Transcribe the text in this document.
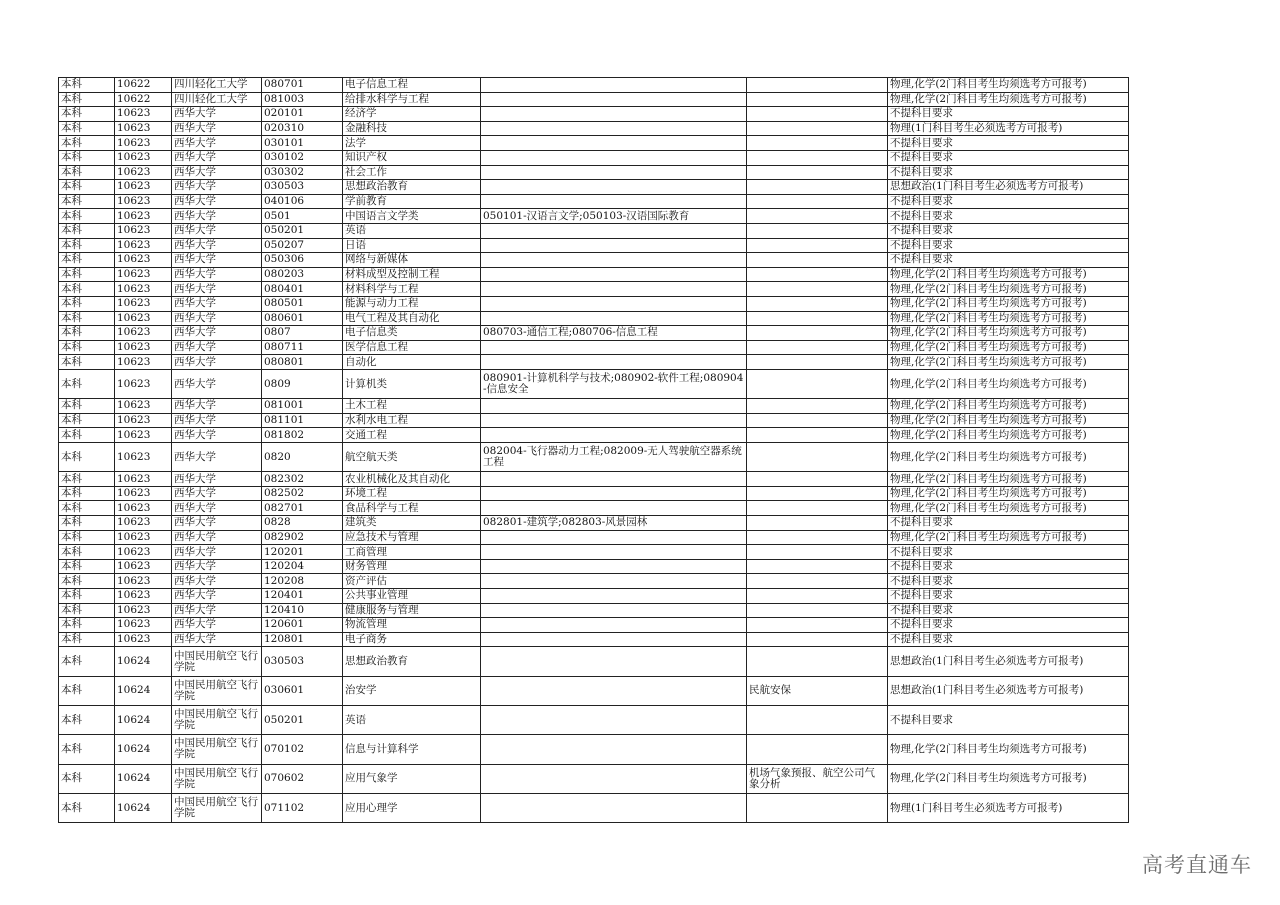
本科	10622	四川轻化工大学	080701	电子信息工程			物理,化学(2门科目考生均须选考方可报考)
本科	10622	四川轻化工大学	081003	给排水科学与工程			物理,化学(2门科目考生均须选考方可报考)
本科	10623	西华大学	020101	经济学			不提科目要求
本科	10623	西华大学	020310	金融科技			物理(1门科目考生必须选考方可报考)
本科	10623	西华大学	030101	法学			不提科目要求
本科	10623	西华大学	030102	知识产权			不提科目要求
本科	10623	西华大学	030302	社会工作			不提科目要求
本科	10623	西华大学	030503	思想政治教育			思想政治(1门科目考生必须选考方可报考)
本科	10623	西华大学	040106	学前教育			不提科目要求
本科	10623	西华大学	0501	中国语言文学类	050101-汉语言文学;050103-汉语国际教育		不提科目要求
本科	10623	西华大学	050201	英语			不提科目要求
本科	10623	西华大学	050207	日语			不提科目要求
本科	10623	西华大学	050306	网络与新媒体			不提科目要求
本科	10623	西华大学	080203	材料成型及控制工程			物理,化学(2门科目考生均须选考方可报考)
本科	10623	西华大学	080401	材料科学与工程			物理,化学(2门科目考生均须选考方可报考)
本科	10623	西华大学	080501	能源与动力工程			物理,化学(2门科目考生均须选考方可报考)
本科	10623	西华大学	080601	电气工程及其自动化			物理,化学(2门科目考生均须选考方可报考)
本科	10623	西华大学	0807	电子信息类	080703-通信工程;080706-信息工程		物理,化学(2门科目考生均须选考方可报考)
本科	10623	西华大学	080711	医学信息工程			物理,化学(2门科目考生均须选考方可报考)
本科	10623	西华大学	080801	自动化			物理,化学(2门科目考生均须选考方可报考)
本科	10623	西华大学	0809	计算机类	080901-计算机科学与技术;080902-软件工程;080904-信息安全		物理,化学(2门科目考生均须选考方可报考)
本科	10623	西华大学	081001	土木工程			物理,化学(2门科目考生均须选考方可报考)
本科	10623	西华大学	081101	水利水电工程			物理,化学(2门科目考生均须选考方可报考)
本科	10623	西华大学	081802	交通工程			物理,化学(2门科目考生均须选考方可报考)
本科	10623	西华大学	0820	航空航天类	082004-飞行器动力工程;082009-无人驾驶航空器系统工程		物理,化学(2门科目考生均须选考方可报考)
本科	10623	西华大学	082302	农业机械化及其自动化			物理,化学(2门科目考生均须选考方可报考)
本科	10623	西华大学	082502	环境工程			物理,化学(2门科目考生均须选考方可报考)
本科	10623	西华大学	082701	食品科学与工程			物理,化学(2门科目考生均须选考方可报考)
本科	10623	西华大学	0828	建筑类	082801-建筑学;082803-风景园林		不提科目要求
本科	10623	西华大学	082902	应急技术与管理			物理,化学(2门科目考生均须选考方可报考)
本科	10623	西华大学	120201	工商管理			不提科目要求
本科	10623	西华大学	120204	财务管理			不提科目要求
本科	10623	西华大学	120208	资产评估			不提科目要求
本科	10623	西华大学	120401	公共事业管理			不提科目要求
本科	10623	西华大学	120410	健康服务与管理			不提科目要求
本科	10623	西华大学	120601	物流管理			不提科目要求
本科	10623	西华大学	120801	电子商务			不提科目要求
本科	10624	中国民用航空飞行学院	030503	思想政治教育			思想政治(1门科目考生必须选考方可报考)
本科	10624	中国民用航空飞行学院	030601	治安学		民航安保	思想政治(1门科目考生必须选考方可报考)
本科	10624	中国民用航空飞行学院	050201	英语			不提科目要求
本科	10624	中国民用航空飞行学院	070102	信息与计算科学			物理,化学(2门科目考生均须选考方可报考)
本科	10624	中国民用航空飞行学院	070602	应用气象学		机场气象预报、航空公司气象分析	物理,化学(2门科目考生均须选考方可报考)
本科	10624	中国民用航空飞行学院	071102	应用心理学			物理(1门科目考生必须选考方可报考)
高考直通车
